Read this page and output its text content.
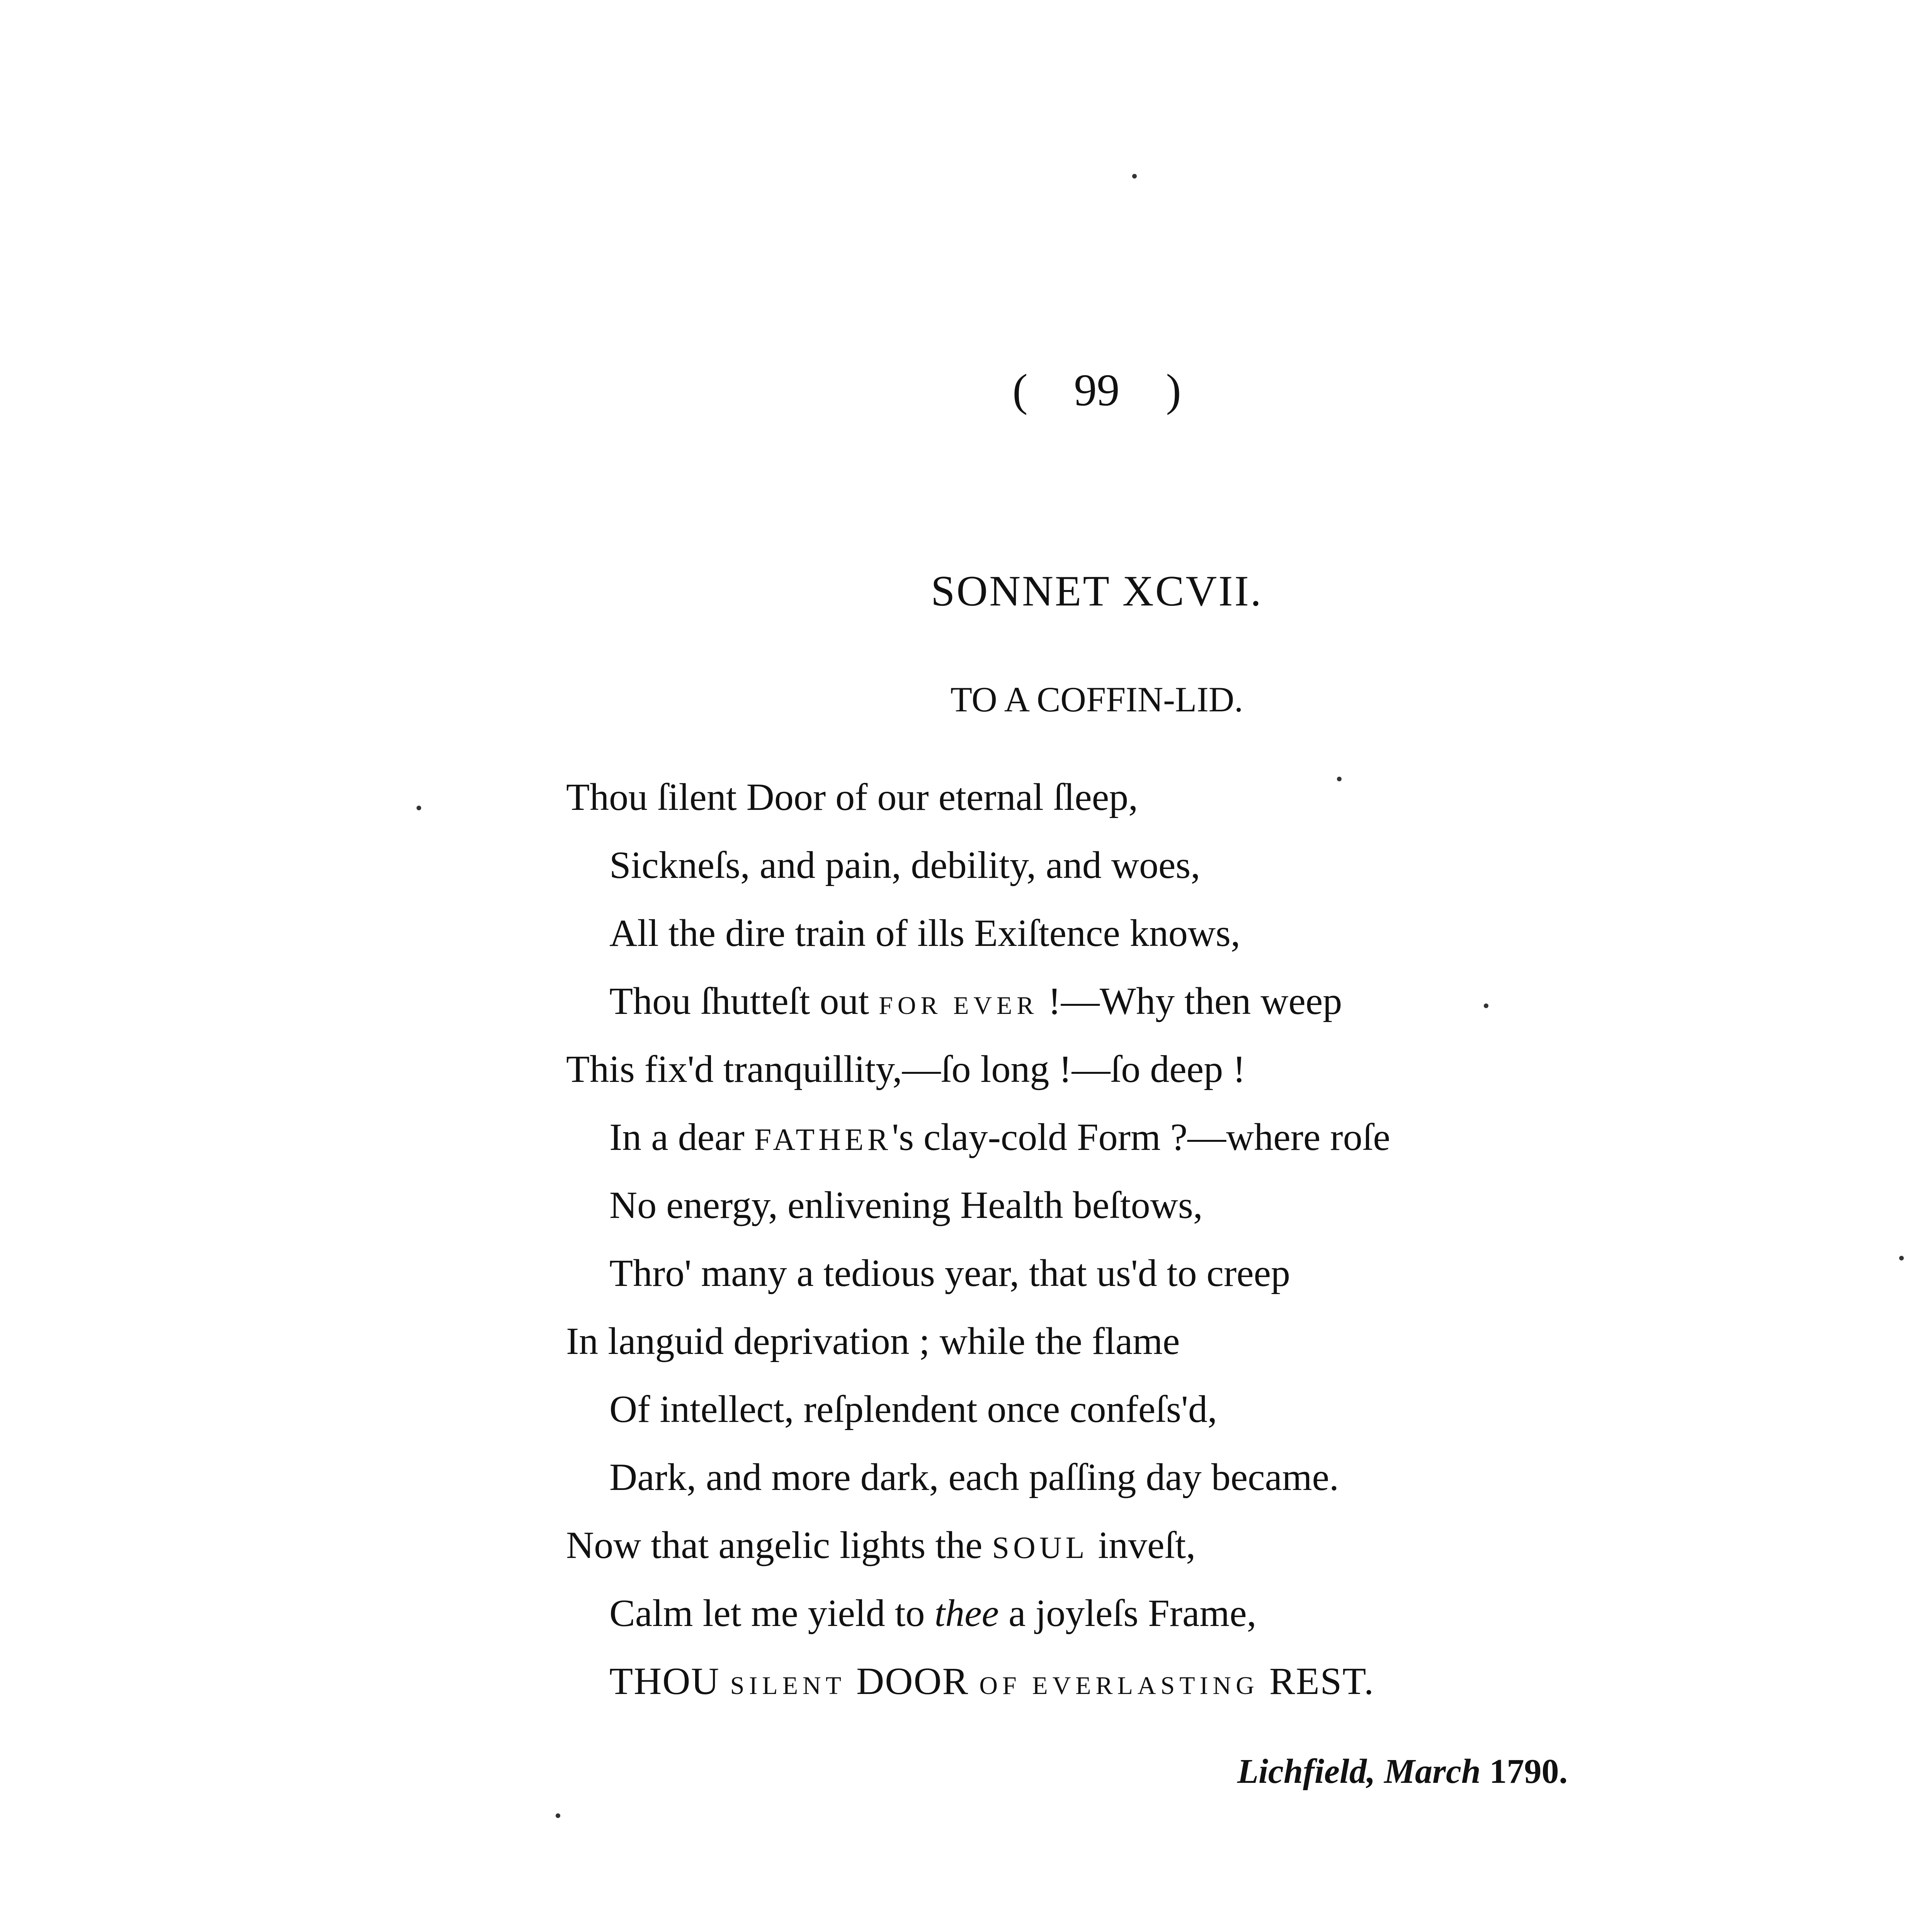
( 99 )
SONNET XCVII.
TO A COFFIN-LID.
Thou ſilent Door of our eternal ſleep,
Sickneſs, and pain, debility, and woes,
All the dire train of ills Exiſtence knows,
Thou ſhutteſt out FOR EVER !—Why then weep
This fix'd tranquillity,—ſo long !—ſo deep !
In a dear FATHER's clay-cold Form ?—where roſe
No energy, enlivening Health beſtows,
Thro' many a tedious year, that us'd to creep
In languid deprivation ; while the flame
Of intellect, reſplendent once confeſs'd,
Dark, and more dark, each paſſing day became.
Now that angelic lights the SOUL inveſt,
Calm let me yield to thee a joyleſs Frame,
THOU SILENT DOOR OF EVERLASTING REST.
Lichfield, March 1790.
